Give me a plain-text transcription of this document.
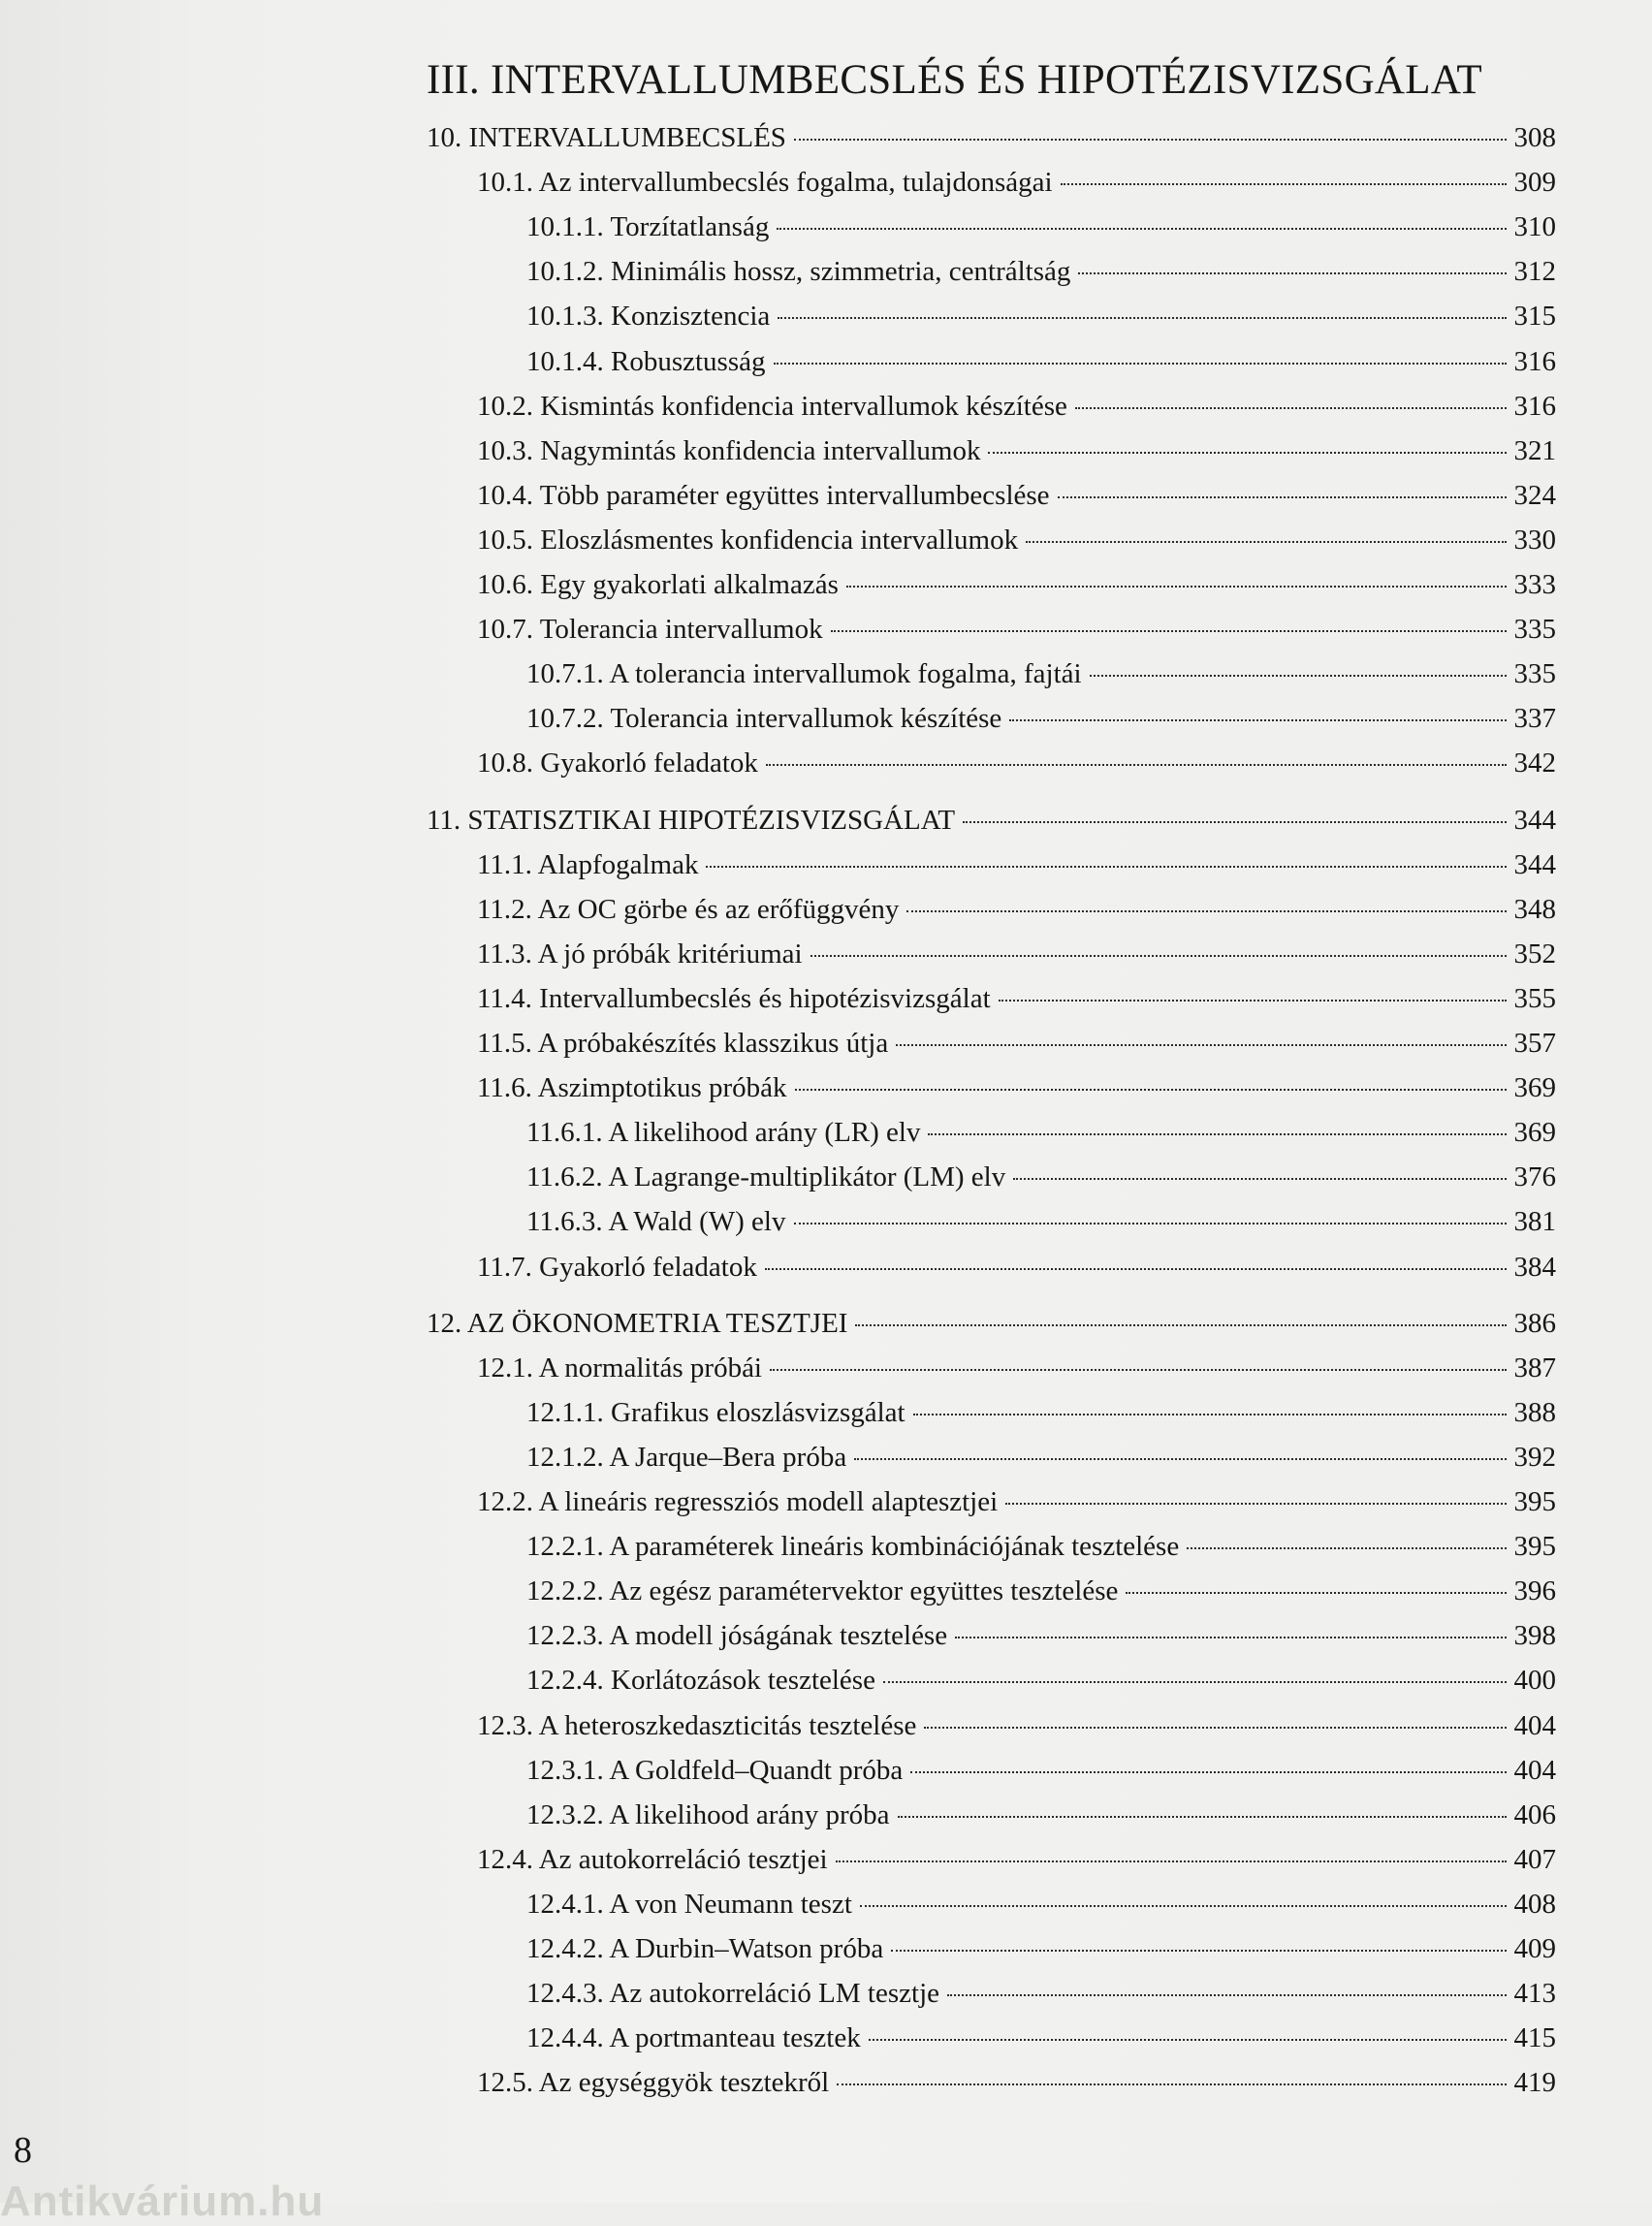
III. INTERVALLUMBECSLÉS ÉS HIPOTÉZISVIZSGÁLAT
10. INTERVALLUMBECSLÉS	308
10.1. Az intervallumbecslés fogalma, tulajdonságai	309
10.1.1. Torzítatlanság	310
10.1.2. Minimális hossz, szimmetria, centráltság	312
10.1.3. Konzisztencia	315
10.1.4. Robusztusság	316
10.2. Kismintás konfidencia intervallumok készítése	316
10.3. Nagymintás konfidencia intervallumok	321
10.4. Több paraméter együttes intervallumbecslése	324
10.5. Eloszlásmentes konfidencia intervallumok	330
10.6. Egy gyakorlati alkalmazás	333
10.7. Tolerancia intervallumok	335
10.7.1. A tolerancia intervallumok fogalma, fajtái	335
10.7.2. Tolerancia intervallumok készítése	337
10.8. Gyakorló feladatok	342
11. STATISZTIKAI HIPOTÉZISVIZSGÁLAT	344
11.1. Alapfogalmak	344
11.2. Az OC görbe és az erőfüggvény	348
11.3. A jó próbák kritériumai	352
11.4. Intervallumbecslés és hipotézisvizsgálat	355
11.5. A próbakészítés klasszikus útja	357
11.6. Aszimptotikus próbák	369
11.6.1. A likelihood arány (LR) elv	369
11.6.2. A Lagrange-multiplikátor (LM) elv	376
11.6.3. A Wald (W) elv	381
11.7. Gyakorló feladatok	384
12. AZ ÖKONOMETRIA TESZTJEI	386
12.1. A normalitás próbái	387
12.1.1. Grafikus eloszlásvizsgálat	388
12.1.2. A Jarque–Bera próba	392
12.2. A lineáris regressziós modell alaptesztjei	395
12.2.1. A paraméterek lineáris kombinációjának tesztelése	395
12.2.2. Az egész paramétervektor együttes tesztelése	396
12.2.3. A modell jóságának tesztelése	398
12.2.4. Korlátozások tesztelése	400
12.3. A heteroszkedaszticitás tesztelése	404
12.3.1. A Goldfeld–Quandt próba	404
12.3.2. A likelihood arány próba	406
12.4. Az autokorreláció tesztjei	407
12.4.1. A von Neumann teszt	408
12.4.2. A Durbin–Watson próba	409
12.4.3. Az autokorreláció LM tesztje	413
12.4.4. A portmanteau tesztek	415
12.5. Az egységgyök tesztekről	419
8
Antikvárium.hu
